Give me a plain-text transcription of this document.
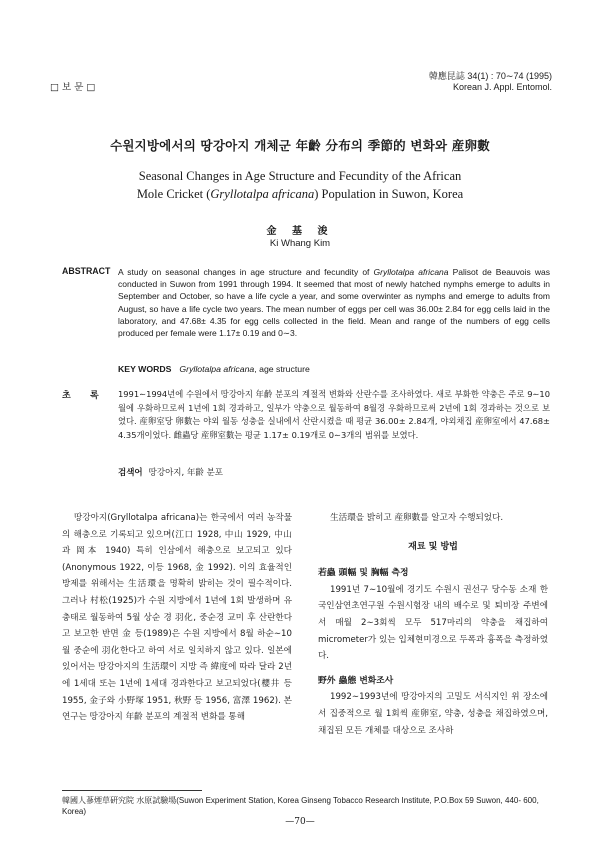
□ 보 문 □
韓應昆誌 34(1) : 70∼74 (1995)
Korean J. Appl. Entomol.
수원지방에서의 땅강아지 개체군 年齡 分布의 季節的 변화와 産卵數
Seasonal Changes in Age Structure and Fecundity of the African
Mole Cricket (Gryllotalpa africana) Population in Suwon, Korea
金 基 浚
Ki Whang Kim
ABSTRACT A study on seasonal changes in age structure and fecundity of Gryllotalpa africana Palisot de Beauvois was conducted in Suwon from 1991 through 1994. It seemed that most of newly hatched nymphs emerge to adults in September and October, so have a life cycle a year, and some overwinter as nymphs and emerge to adults from August, so have a life cycle two years. The mean number of eggs per cell was 36.00± 2.84 for egg cells laid in the laboratory, and 47.68± 4.35 for egg cells collected in the field. Mean and range of the numbers of egg cells produced per female were 1.17± 0.19 and 0∼3.
KEY WORDS Gryllotalpa africana, age structure
초 록	1991∼1994년에 수원에서 땅강아지 年齡 분포의 계절적 변화와 산란수를 조사하였다. 새로 부화한 약충은 주로 9∼10월에 우화하므로써 1년에 1회 경과하고, 일부가 약충으로 월동하여 8월경 우화하므로써 2년에 1회 경과하는 것으로 보였다. 産卵室당 卵數는 야외 월동 성충을 실내에서 산란시켰을 때 평균 36.00± 2.84개, 야외채집 産卵室에서 47.68± 4.35개이었다. 雌蟲당 産卵室數는 평균 1.17± 0.19개로 0∼3개의 범위를 보였다.
검색어 땅강아지, 年齡 분포

땅강아지(Gryllotalpa africana)는 한국에서 여러 농작물의 해충으로 기록되고 있으며(江口 1928, 中山 1929, 中山과 岡本 1940) 특히 인삼에서 해충으로 보고되고 있다(Anonymous 1922, 이등 1968, 金 1992). 이의 효율적인 방제를 위해서는 生活環을 명확히 밝히는 것이 필수적이다. 그러나 村松(1925)가 수원 지방에서 1년에 1회 발생하며 유충태로 월동하여 5월 상순 경 羽化, 중순경 교미 후 산란한다고 보고한 반면 金 등(1989)은 수원 지방에서 8월 하순∼10월 중순에 羽化한다고 하여 서로 일치하지 않고 있다. 일본에 있어서는 땅강아지의 生活環이 지방 즉 緯度에 따라 달라 2년에 1세대 또는 1년에 1세대 경과한다고 보고되었다(櫻井 등 1955, 金子와 小野塚 1951, 秋野 등 1956, 富澤 1962). 본 연구는 땅강아지 年齡 분포의 계절적 변화를 통해

生活環을 밝히고 産卵數를 알고자 수행되었다.

재료 및 방법
若蟲 頭幅 및 胸幅 측정

1991년 7∼10월에 경기도 수원시 권선구 당수동 소재 한국인삼연초연구원 수원시험장 내의 배수로 및 퇴비장 주변에서 매월 2∼3회씩 모두 517마리의 약충을 채집하여 micrometer가 있는 입체현미경으로 두폭과 흉폭을 측정하였다.

野外 蟲態 변화조사

1992∼1993년에 땅강아지의 고밀도 서식지인 위 장소에서 집중적으로 월 1회씩 産卵室, 약충, 성충을 채집하였으며, 채집된 모든 개체를 대상으로 조사하

韓國人蔘煙草硏究院 水原試驗場(Suwon Experiment Station, Korea Ginseng Tobacco Research Institute, P.O.Box 59 Suwon, 440- 600, Korea)
—70—
